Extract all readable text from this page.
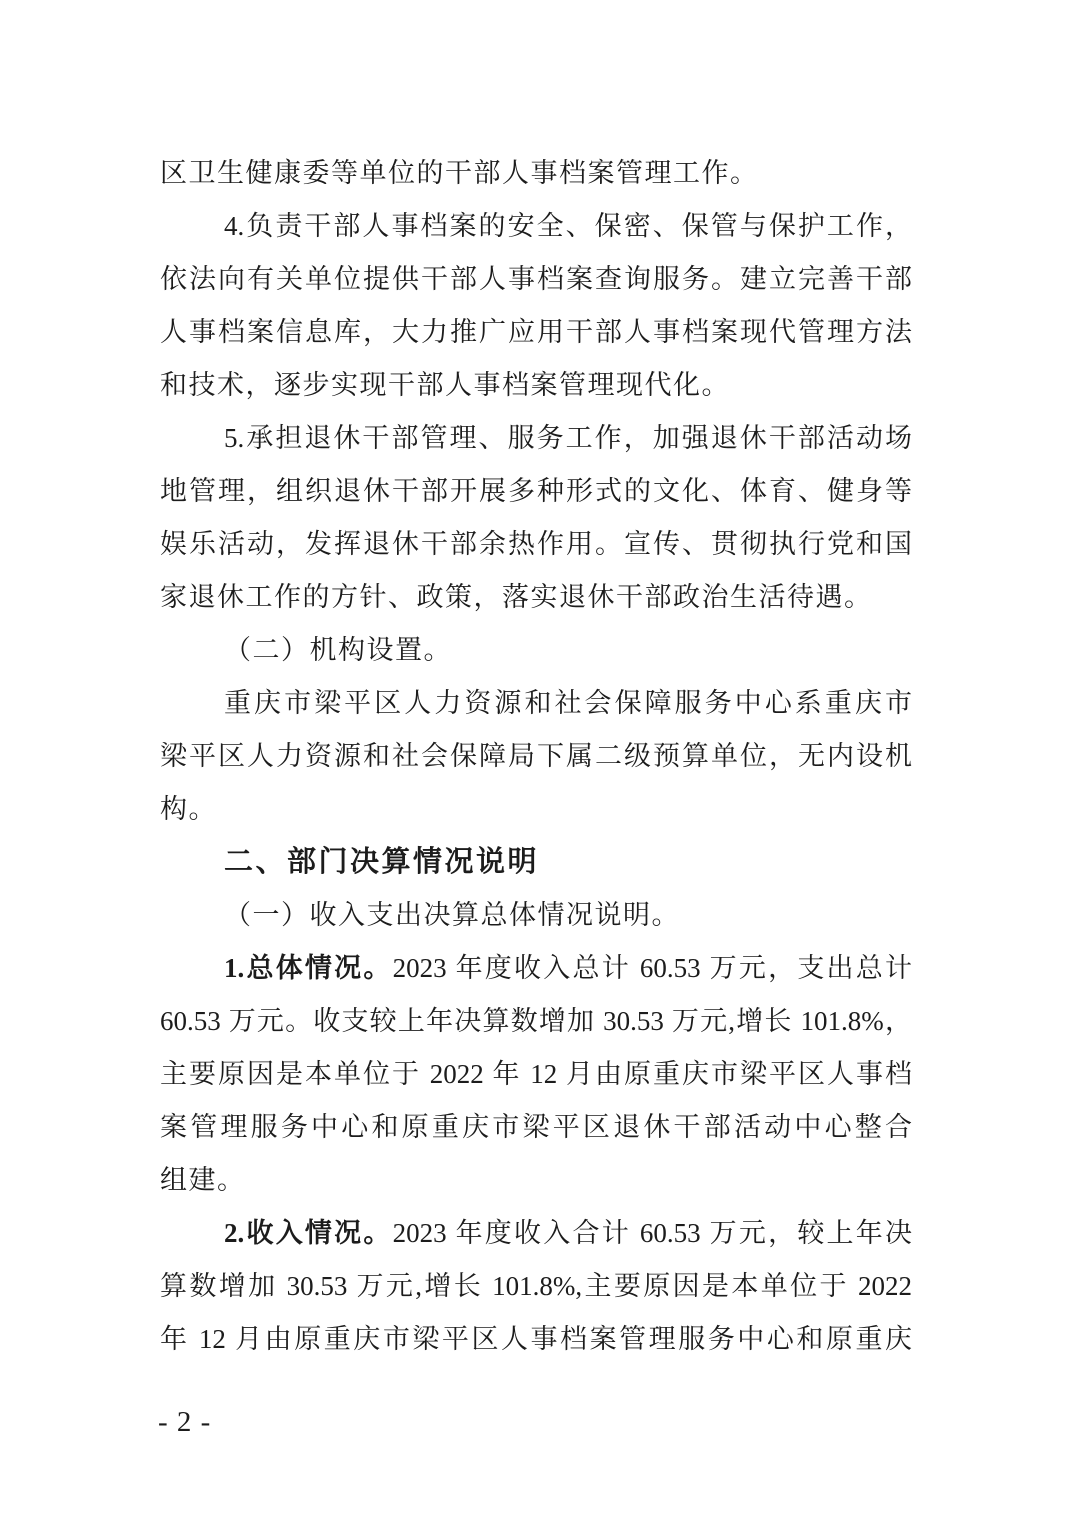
区卫生健康委等单位的干部人事档案管理工作。
4.负责干部人事档案的安全、保密、保管与保护工作，
依法向有关单位提供干部人事档案查询服务。建立完善干部
人事档案信息库，大力推广应用干部人事档案现代管理方法
和技术，逐步实现干部人事档案管理现代化。
5.承担退休干部管理、服务工作，加强退休干部活动场
地管理，组织退休干部开展多种形式的文化、体育、健身等
娱乐活动，发挥退休干部余热作用。宣传、贯彻执行党和国
家退休工作的方针、政策，落实退休干部政治生活待遇。
（二）机构设置。
重庆市梁平区人力资源和社会保障服务中心系重庆市
梁平区人力资源和社会保障局下属二级预算单位，无内设机
构。
二、部门决算情况说明
（一）收入支出决算总体情况说明。
1.总体情况。2023 年度收入总计 60.53 万元，支出总计
60.53 万元。收支较上年决算数增加 30.53 万元,增长 101.8%，
主要原因是本单位于 2022 年 12 月由原重庆市梁平区人事档
案管理服务中心和原重庆市梁平区退休干部活动中心整合
组建。
2.收入情况。2023 年度收入合计 60.53 万元，较上年决
算数增加 30.53 万元,增长 101.8%,主要原因是本单位于 2022
年 12 月由原重庆市梁平区人事档案管理服务中心和原重庆
- 2 -
